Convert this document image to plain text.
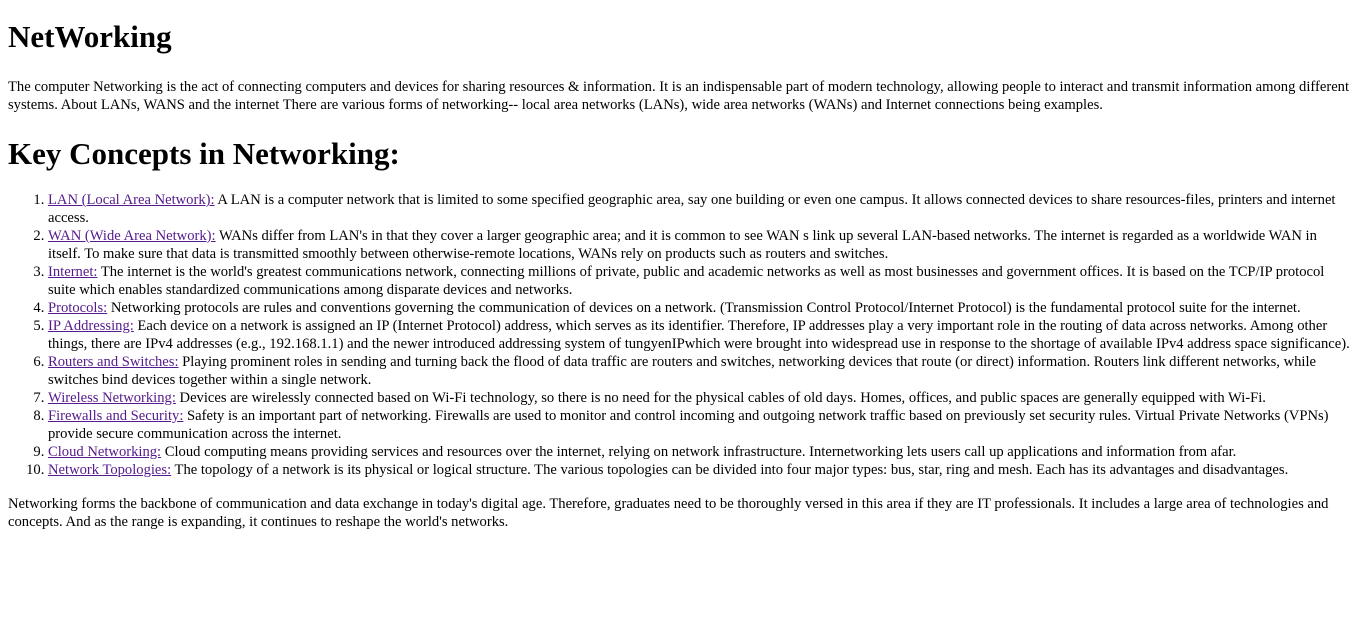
NetWorking

The computer Networking is the act of connecting computers and devices for sharing resources & information. It is an indispensable part of modern technology, allowing people to interact and transmit information among different systems. About LANs, WANS and the internet There are various forms of networking-- local area networks (LANs), wide area networks (WANs) and Internet connections being examples.

Key Concepts in Networking:
1. LAN (Local Area Network): A LAN is a computer network that is limited to some specified geographic area, say one building or even one campus. It allows connected devices to share resources-files, printers and internet access.
2. WAN (Wide Area Network): WANs differ from LAN's in that they cover a larger geographic area; and it is common to see WAN s link up several LAN-based networks. The internet is regarded as a worldwide WAN in itself. To make sure that data is transmitted smoothly between otherwise-remote locations, WANs rely on products such as routers and switches.
3. Internet: The internet is the world's greatest communications network, connecting millions of private, public and academic networks as well as most businesses and government offices. It is based on the TCP/IP protocol suite which enables standardized communications among disparate devices and networks.
4. Protocols: Networking protocols are rules and conventions governing the communication of devices on a network. (Transmission Control Protocol/Internet Protocol) is the fundamental protocol suite for the internet.
5. IP Addressing: Each device on a network is assigned an IP (Internet Protocol) address, which serves as its identifier. Therefore, IP addresses play a very important role in the routing of data across networks. Among other things, there are IPv4 addresses (e.g., 192.168.1.1) and the newer introduced addressing system of tungyenIPwhich were brought into widespread use in response to the shortage of available IPv4 address space significance).
6. Routers and Switches: Playing prominent roles in sending and turning back the flood of data traffic are routers and switches, networking devices that route (or direct) information. Routers link different networks, while switches bind devices together within a single network.
7. Wireless Networking: Devices are wirelessly connected based on Wi-Fi technology, so there is no need for the physical cables of old days. Homes, offices, and public spaces are generally equipped with Wi-Fi.
8. Firewalls and Security: Safety is an important part of networking. Firewalls are used to monitor and control incoming and outgoing network traffic based on previously set security rules. Virtual Private Networks (VPNs) provide secure communication across the internet.
9. Cloud Networking: Cloud computing means providing services and resources over the internet, relying on network infrastructure. Internetworking lets users call up applications and information from afar.
10. Network Topologies: The topology of a network is its physical or logical structure. The various topologies can be divided into four major types: bus, star, ring and mesh. Each has its advantages and disadvantages.

Networking forms the backbone of communication and data exchange in today's digital age. Therefore, graduates need to be thoroughly versed in this area if they are IT professionals. It includes a large area of technologies and concepts. And as the range is expanding, it continues to reshape the world's networks.
